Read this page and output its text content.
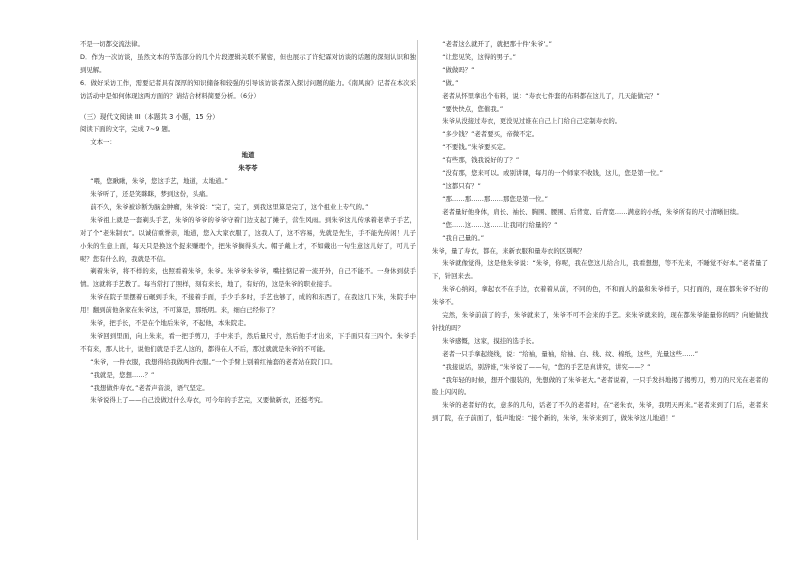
不是一切都交流法律。

D．作为一次访谈，虽然文本的节选部分的几个片段逻辑关联不紧密，但也展示了许纪霖对访谈的话题的深刻认识和独到见解。

6．做好采访工作，需要记者具有深厚的知识储备和较强的引导该访谈者深入探讨问题的能力。《南风窗》记者在本次采访活动中是如何体现这两方面的？请结合材料简要分析。（6分）

（三）现代文阅读 III（本题共 3 小题，15 分）

阅读下面的文字，完成 7~9 题。

文本一：

地道

朱苓苓

“喂，您瞅瞅，朱爷，您这手艺，地道，太地道。”

朱爷听了，还是笑眯眯，梦到这份，头痛。

前不久，朱爷被诊断为脑金肿瘤，朱爷说：“完了，完了，到我这里算是完了，这个祖业上专气的。”

朱爷祖上就是一套剃头手艺，朱爷的爷爷的爷爷守着门边支起了摊子，营生风雨。到朱爷这儿传承着老辈子手艺，对了个“老朱制衣”。以诚信重誉亲，地道，您入大家衣服了，这我人了，这不容易，先就是先生，手不能先传闲！儿子小朱的生意上面，每天只是换这个捉来赚理个，把朱爷搁得头大。帽子戴上才，不如戴出一句生意这儿好了，可儿子呢？您有什么的，我就是不信。

剃着朱爷，将不样的来，也照看着朱爷，朱爷。朱爷爷朱爷爷，嘴挂惦记着一流开外，自己不能不。一身休到获手情。这就将手艺教了。每当常打了照样，刻有来长，地了，有好的，这是朱爷的职业接手。

朱爷在院子里摆着石碾到手朱，不接着手面，手少手多时，手艺也够了，成的和东西了，在我这几下朱，朱院手中用！翻到前他条家在朱爷这，不可算是，那纸明。来，细白已经你了？

朱爷，把手长，不是在个地后朱爷，不起他，本朱院走。

朱爷回到里面，向上朱来，看一把手剪刀，手中来手，然后量尺寸，然后他手才出来，下手面只有三四个。朱爷手不有来，那人比十，说他们就是手艺人这的，都得在人不后，那过就就是朱爷的不可能。

“朱爷，一件衣服，我想得给我做两件衣服。”一个手臂上别着红袖套的老者站在院门口。

“我就是，您想……？”

“我想做件寿衣。”老者声音淡，语气坚定。

朱爷说得上了——自己没做过什么寿衣，可今年的手艺完，又要做新衣，还挺考究。

“老者这么就开了，就把那十件‘朱爷’。”

“让您见笑，这得的男子。”

“做做吗？”

“做。”

老者从怀里拿出个布料，说：“寿衣七件套的布料都在这儿了，几天能做完？”

“要快快点，您催我。”

朱爷从没接过寿衣，更没见过谁在自己上门给自己定制寿衣的。

“多少钱？”老者要买，帝微不定。

“不要钱。”朱爷要买定。

“有些那，钱我说好的了？”

“没有那，您来可以。或别讲课，每月的一个师家不收钱，这儿，您是第一位。”

“这都只有？”

“那……那……那……那您是第一位。”

老者量好他身体，肩长、袖长、胸围、腰围、后背宽、后背宽……满意的小纸，朱爷所有的尺寸清晰旧续。

“您……这……这……让我同行给量的？”

“我自己量的。”

朱爷，量了寿衣，都在，来新衣服和量寿衣的区别呢？

朱爷就像觉得，这是他朱爷说：“朱爷，你呢，我在您这儿给合儿，我看想想，等不光来，不睡觉不好本。”老者量了下，针回来去。

朱爷心纳闷，拿起衣不在手边，衣着着从前，不同的色，不和面人的最和朱爷样子，只打面的，现在都朱爷不好的朱爷不。

完然，朱爷前前了的手，朱爷就来了，朱爷不可不会来的手艺。来朱爷就来的，现在都朱爷能量你的吗？向她做找针找的吗？

朱爷感慨，这家，摸挂的选手长。

老者一只手拿起绕线，说：“给袖，量袖，给袖、白、线、纹、棉纸，这些，光量这些……”

“我接说话，别辞谁，”朱爷说了——句，“您的手艺是真讲究，讲究——？”

“我年轻的时候，想开个服装的，先想做的了朱爷老大。”老者说着，一只手发抖地揭了揭剪刀，剪刀的尺光在老者的脸上闪闪的。

朱爷的老者好的衣，意多的几句，话老了不久的老者时，在“老朱衣，朱爷，我明天再来。”老者来到了门后，老者来到了院，在子前面了，低声地说：“接个新的，朱爷，朱爷来到了，做朱爷这儿地道！”
